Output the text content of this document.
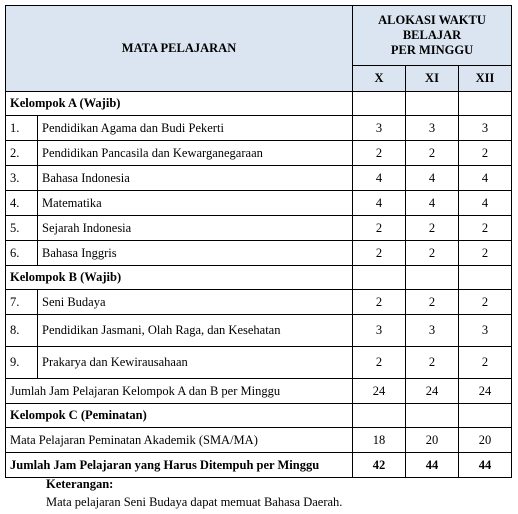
MATA PELAJARAN		ALOKASI WAKTU
BELAJAR
PER MINGGU		

		X	XI	XII
Kelompok A (Wajib)				
1.	Pendidikan Agama dan Budi Pekerti	3	3	3
2.	Pendidikan Pancasila dan Kewarganegaraan	2	2	2
3.	Bahasa Indonesia	4	4	4
4.	Matematika	4	4	4
5.	Sejarah Indonesia	2	2	2
6.	Bahasa Inggris	2	2	2
Kelompok B (Wajib)				
7.	Seni Budaya	2	2	2
8.	Pendidikan Jasmani, Olah Raga, dan Kesehatan	3	3	3
9.	Prakarya dan Kewirausahaan	2	2	2
Jumlah Jam Pelajaran Kelompok A dan B per Minggu		24	24	24
Kelompok C (Peminatan)				
Mata Pelajaran Peminatan Akademik (SMA/MA)		18	20	20
Jumlah Jam Pelajaran yang Harus Ditempuh per Minggu		42	44	44
Keterangan:
Mata pelajaran Seni Budaya dapat memuat Bahasa Daerah.
